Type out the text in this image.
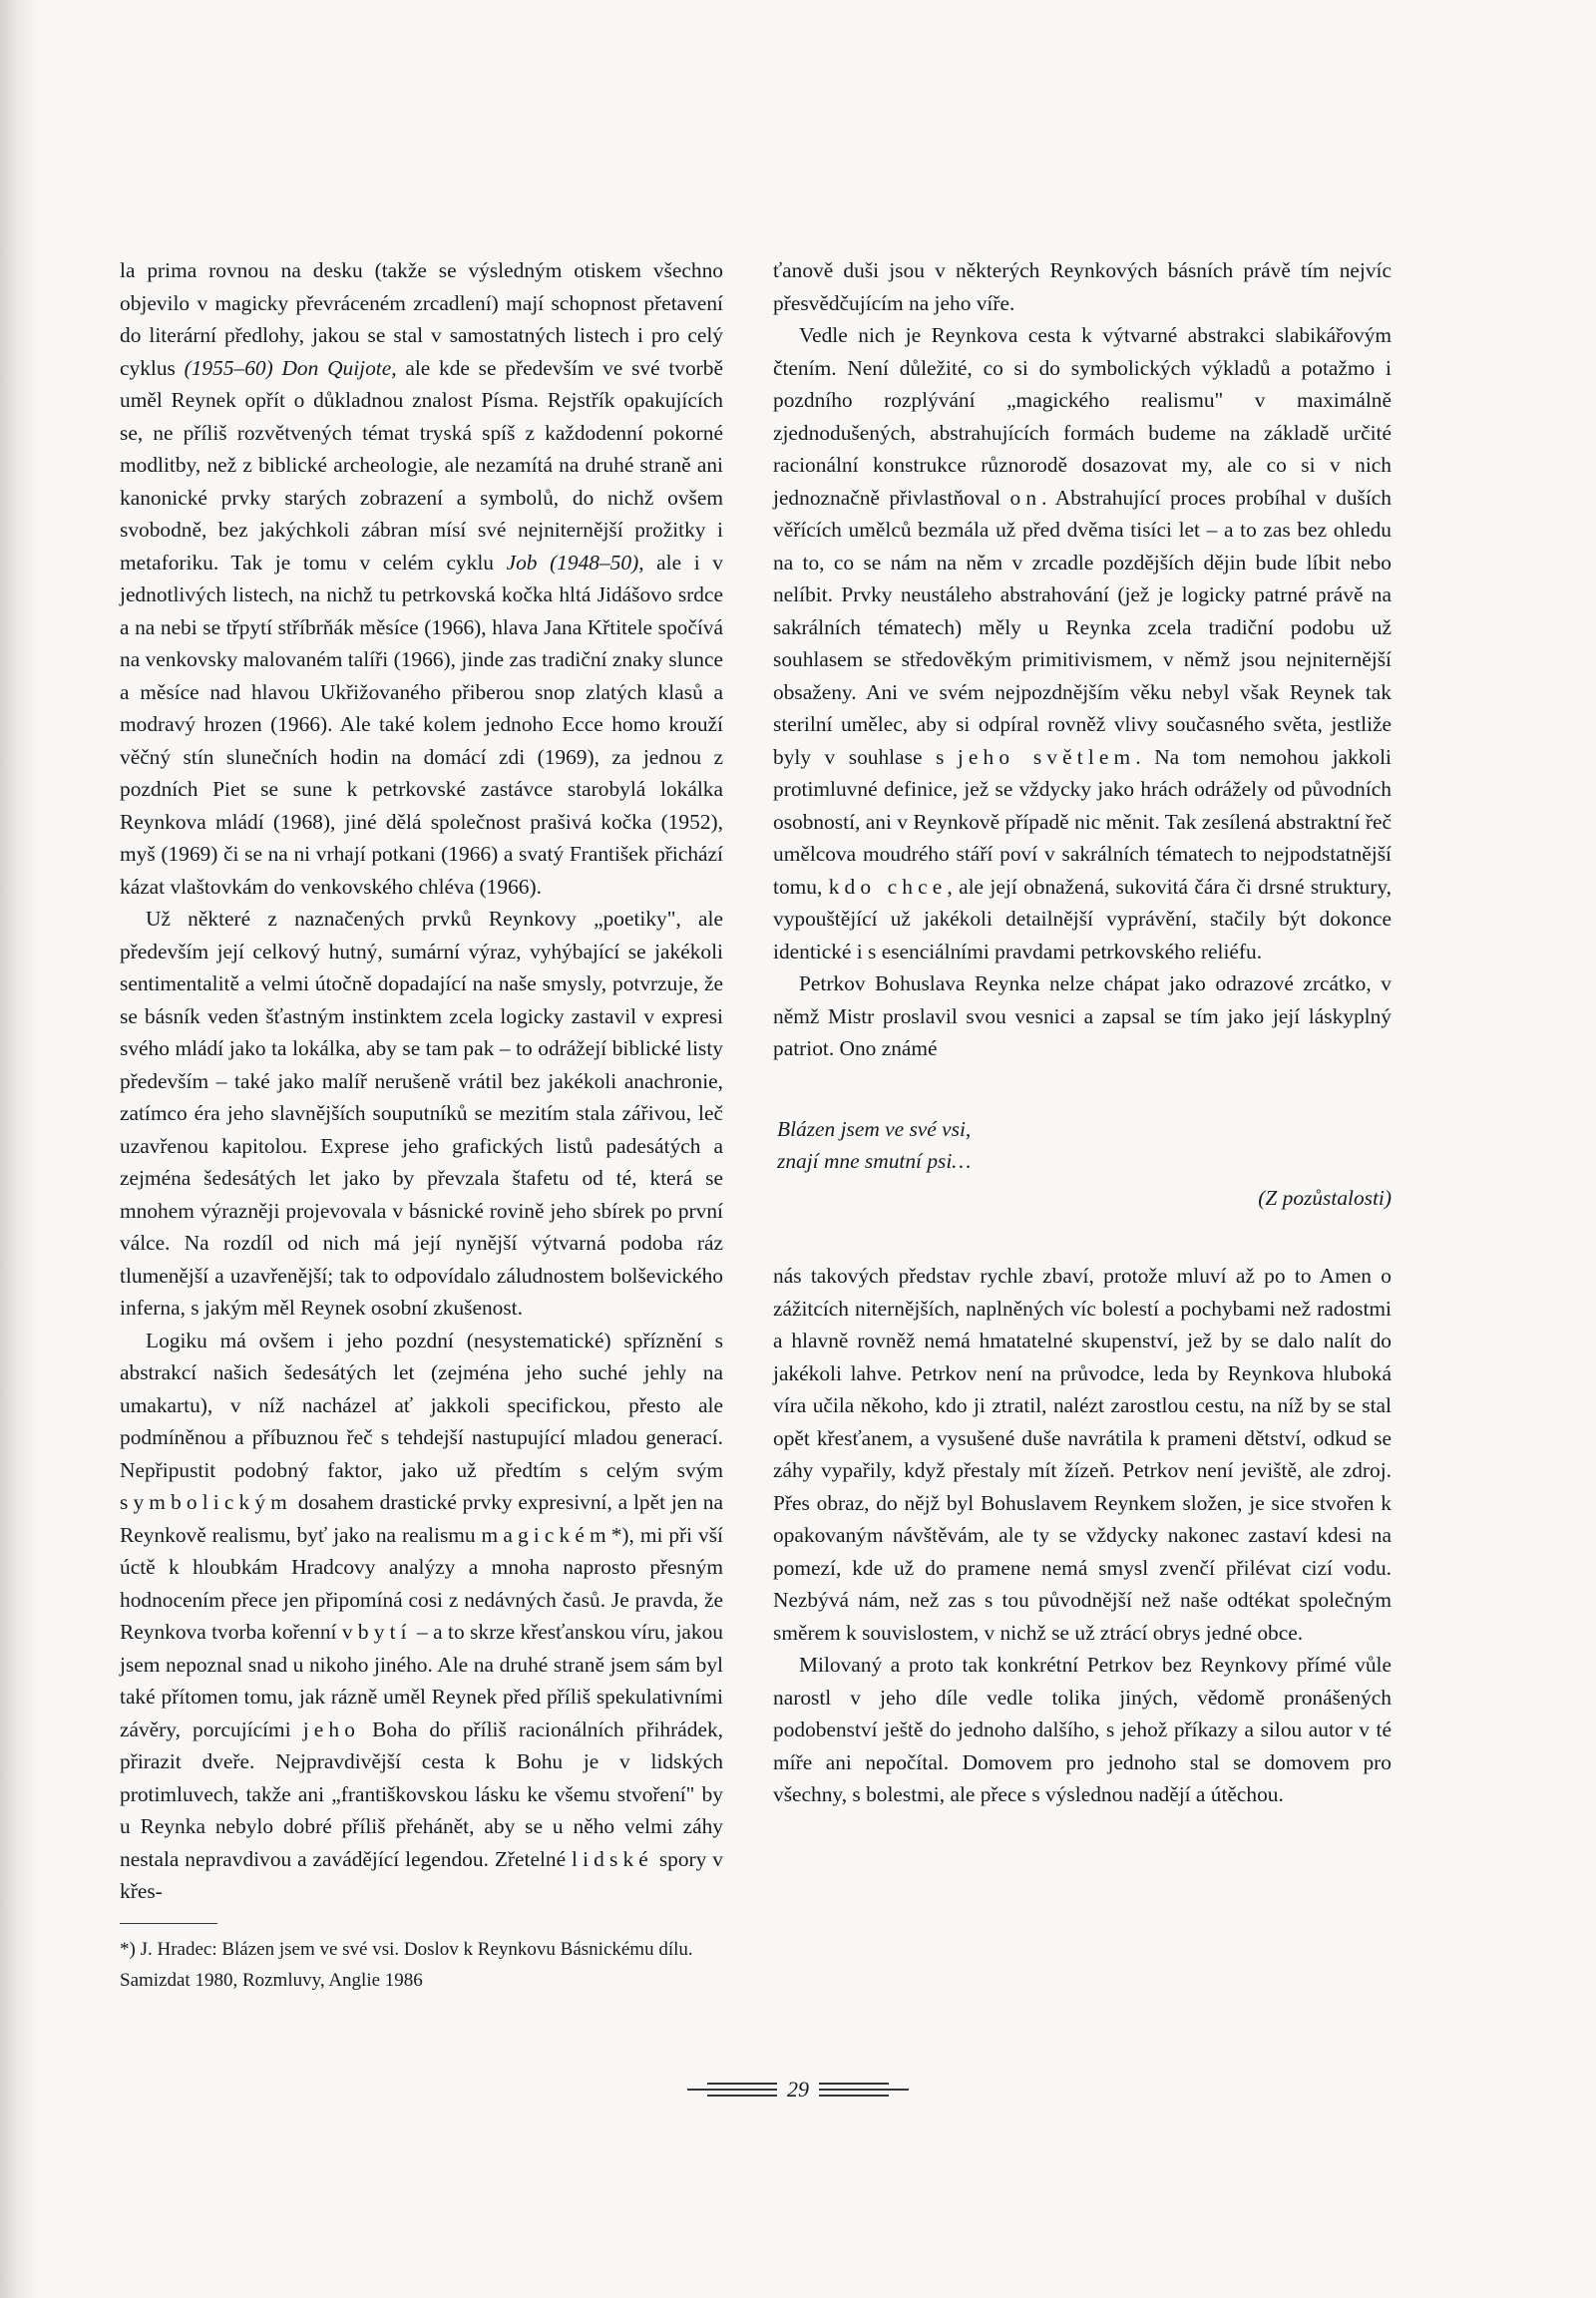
la prima rovnou na desku (takže se výsledným otiskem všechno objevilo v magicky převráceném zrcadlení) mají schopnost přetavení do literární předlohy, jakou se stal v samostatných listech i pro celý cyklus (1955–60) Don Quijote, ale kde se především ve své tvorbě uměl Reynek opřít o důkladnou znalost Písma. Rejstřík opakujících se, ne příliš rozvětvených témat tryská spíš z každodenní pokorné modlitby, než z biblické archeologie, ale nezamítá na druhé straně ani kanonické prvky starých zobrazení a symbolů, do nichž ovšem svobodně, bez jakýchkoli zábran mísí své nejniternější prožitky i metaforiku. Tak je tomu v celém cyklu Job (1948–50), ale i v jednotlivých listech, na nichž tu petrkovská kočka hltá Jidášovo srdce a na nebi se třpytí stříbrňák měsíce (1966), hlava Jana Křtitele spočívá na venkovsky malovaném talíři (1966), jinde zas tradiční znaky slunce a měsíce nad hlavou Ukřižovaného přiberou snop zlatých klasů a modravý hrozen (1966). Ale také kolem jednoho Ecce homo krouží věčný stín slunečních hodin na domácí zdi (1969), za jednou z pozdních Piet se sune k petrkovské zastávce starobylá lokálka Reynkova mládí (1968), jiné dělá společnost prašivá kočka (1952), myš (1969) či se na ni vrhají potkani (1966) a svatý František přichází kázat vlaštovkám do venkovského chléva (1966).

Už některé z naznačených prvků Reynkovy „poetiky", ale především její celkový hutný, sumární výraz, vyhýbající se jakékoli sentimentalitě a velmi útočně dopadající na naše smysly, potvrzuje, že se básník veden šťastným instinktem zcela logicky zastavil v expresi svého mládí jako ta lokálka, aby se tam pak – to odrážejí biblické listy především – také jako malíř nerušeně vrátil bez jakékoli anachronie, zatímco éra jeho slavnějších souputníků se mezitím stala zářivou, leč uzavřenou kapitolou. Exprese jeho grafických listů padesátých a zejména šedesátých let jako by převzala štafetu od té, která se mnohem výrazněji projevovala v básnické rovině jeho sbírek po první válce. Na rozdíl od nich má její nynější výtvarná podoba ráz tlumenější a uzavřenější; tak to odpovídalo záludnostem bolševického inferna, s jakým měl Reynek osobní zkušenost.

Logiku má ovšem i jeho pozdní (nesystematické) spříznění s abstrakcí našich šedesátých let (zejména jeho suché jehly na umakartu), v níž nacházel ať jakkoli specifickou, přesto ale podmíněnou a příbuznou řeč s tehdejší nastupující mladou generací. Nepřipustit podobný faktor, jako už předtím s celým svým symbolickým dosahem drastické prvky expresivní, a lpět jen na Reynkově realismu, byť jako na realismu magickém*), mi při vší úctě k hloubkám Hradcovy analýzy a mnoha naprosto přesným hodnocením přece jen připomíná cosi z nedávných časů. Je pravda, že Reynkova tvorba kořenní v bytí – a to skrze křesťanskou víru, jakou jsem nepoznal snad u nikoho jiného. Ale na druhé straně jsem sám byl také přítomen tomu, jak rázně uměl Reynek před příliš spekulativními závěry, porcujícími jeho Boha do příliš racionálních přihrádek, přirazit dveře. Nejpravdivější cesta k Bohu je v lidských protimluvech, takže ani „františkovskou lásku ke všemu stvoření" by u Reynka nebylo dobré příliš přehánět, aby se u něho velmi záhy nestala nepravdivou a zavádějící legendou. Zřetelné lidské spory v křes-

ťanově duši jsou v některých Reynkových básních právě tím nejvíc přesvědčujícím na jeho víře.

Vedle nich je Reynkova cesta k výtvarné abstrakci slabikářovým čtením. Není důležité, co si do symbolických výkladů a potažmo i pozdního rozplývání „magického realismu" v maximálně zjednodušených, abstrahujících formách budeme na základě určité racionální konstrukce různorodě dosazovat my, ale co si v nich jednoznačně přivlastňoval on. Abstrahující proces probíhal v duších věřících umělců bezmála už před dvěma tisíci let – a to zas bez ohledu na to, co se nám na něm v zrcadle pozdějších dějin bude líbit nebo nelíbit. Prvky neustáleho abstrahování (jež je logicky patrné právě na sakrálních tématech) měly u Reynka zcela tradiční podobu už souhlasem se středověkým primitivismem, v němž jsou nejniternější obsaženy. Ani ve svém nejpozdnějším věku nebyl však Reynek tak sterilní umělec, aby si odpíral rovněž vlivy současného světa, jestliže byly v souhlase s jeho světlem. Na tom nemohou jakkoli protimluvné definice, jež se vždycky jako hrách odrážely od původních osobností, ani v Reynkově případě nic měnit. Tak zesílená abstraktní řeč umělcova moudrého stáří poví v sakrálních tématech to nejpodstatnější tomu, kdo chce, ale její obnažená, sukovitá čára či drsné struktury, vypouštějící už jakékoli detailnější vyprávění, stačily být dokonce identické i s esenciálními pravdami petrkovského reliéfu.

Petrkov Bohuslava Reynka nelze chápat jako odrazové zrcátko, v němž Mistr proslavil svou vesnici a zapsal se tím jako její láskyplný patriot. Ono známé

Blázen jsem ve své vsi,
znají mne smutní psi…
(Z pozůstalosti)

nás takových představ rychle zbaví, protože mluví až po to Amen o zážitcích niternějších, naplněných víc bolestí a pochybami než radostmi a hlavně rovněž nemá hmatatelné skupenství, jež by se dalo nalít do jakékoli lahve. Petrkov není na průvodce, leda by Reynkova hluboká víra učila někoho, kdo ji ztratil, nalézt zarostlou cestu, na níž by se stal opět křesťanem, a vysušené duše navrátila k prameni dětství, odkud se záhy vypařily, když přestaly mít žízeň. Petrkov není jeviště, ale zdroj. Přes obraz, do nějž byl Bohuslavem Reynkem složen, je sice stvořen k opakovaným návštěvám, ale ty se vždycky nakonec zastaví kdesi na pomezí, kde už do pramene nemá smysl zvenčí přilévat cizí vodu. Nezbývá nám, než zas s tou původnější než naše odtékat společným směrem k souvislostem, v nichž se už ztrácí obrys jedné obce.

Milovaný a proto tak konkrétní Petrkov bez Reynkovy přímé vůle narostl v jeho díle vedle tolika jiných, vědomě pronášených podobenství ještě do jednoho dalšího, s jehož příkazy a silou autor v té míře ani nepočítal. Domovem pro jednoho stal se domovem pro všechny, s bolestmi, ale přece s výslednou nadějí a útěchou.

*) J. Hradec: Blázen jsem ve své vsi. Doslov k Reynkovu Básnickému dílu. Samizdat 1980, Rozmluvy, Anglie 1986
29
